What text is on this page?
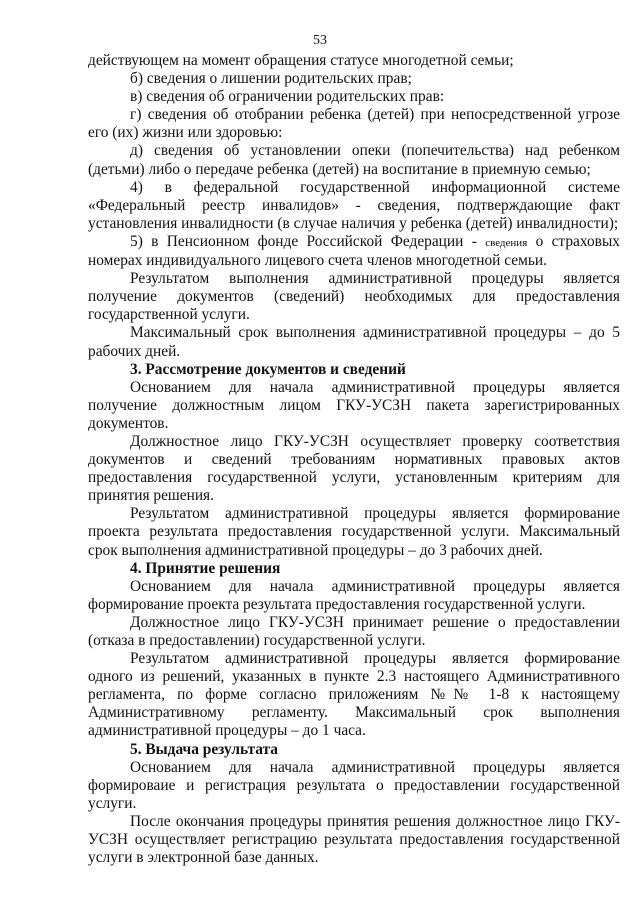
53

действующем на момент обращения статусе многодетной семьи;

б) сведения о лишении родительских прав;

в) сведения об ограничении родительских прав:

г) сведения об отобрании ребенка (детей) при непосредственной угрозе его (их) жизни или здоровью:

д) сведения об установлении опеки (попечительства) над ребенком (детьми) либо о передаче ребенка (детей) на воспитание в приемную семью;

4) в федеральной государственной информационной системе «Федеральный реестр инвалидов» - сведения, подтверждающие факт установления инвалидности (в случае наличия у ребенка (детей) инвалидности);

5) в Пенсионном фонде Российской Федерации - сведения о страховых номерах индивидуального лицевого счета членов многодетной семьи.

Результатом выполнения административной процедуры является получение документов (сведений) необходимых для предоставления государственной услуги.

Максимальный срок выполнения административной процедуры – до 5 рабочих дней.

3. Рассмотрение документов и сведений

Основанием для начала административной процедуры является получение должностным лицом ГКУ-УСЗН пакета зарегистрированных документов.

Должностное лицо ГКУ-УСЗН осуществляет проверку соответствия документов и сведений требованиям нормативных правовых актов предоставления государственной услуги, установленным критериям для принятия решения.

Результатом административной процедуры является формирование проекта результата предоставления государственной услуги. Максимальный срок выполнения административной процедуры – до 3 рабочих дней.

4. Принятие решения

Основанием для начала административной процедуры является формирование проекта результата предоставления государственной услуги.

Должностное лицо ГКУ-УСЗН принимает решение о предоставлении (отказа в предоставлении) государственной услуги.

Результатом административной процедуры является формирование одного из решений, указанных в пункте 2.3 настоящего Административного регламента, по форме согласно приложениям №№ 1-8 к настоящему Административному регламенту. Максимальный срок выполнения административной процедуры – до 1 часа.

5. Выдача результата

Основанием для начала административной процедуры является формироваие и регистрация результата о предоставлении государственной услуги.

После окончания процедуры принятия решения должностное лицо ГКУ-УСЗН осуществляет регистрацию результата предоставления государственной услуги в электронной базе данных.
